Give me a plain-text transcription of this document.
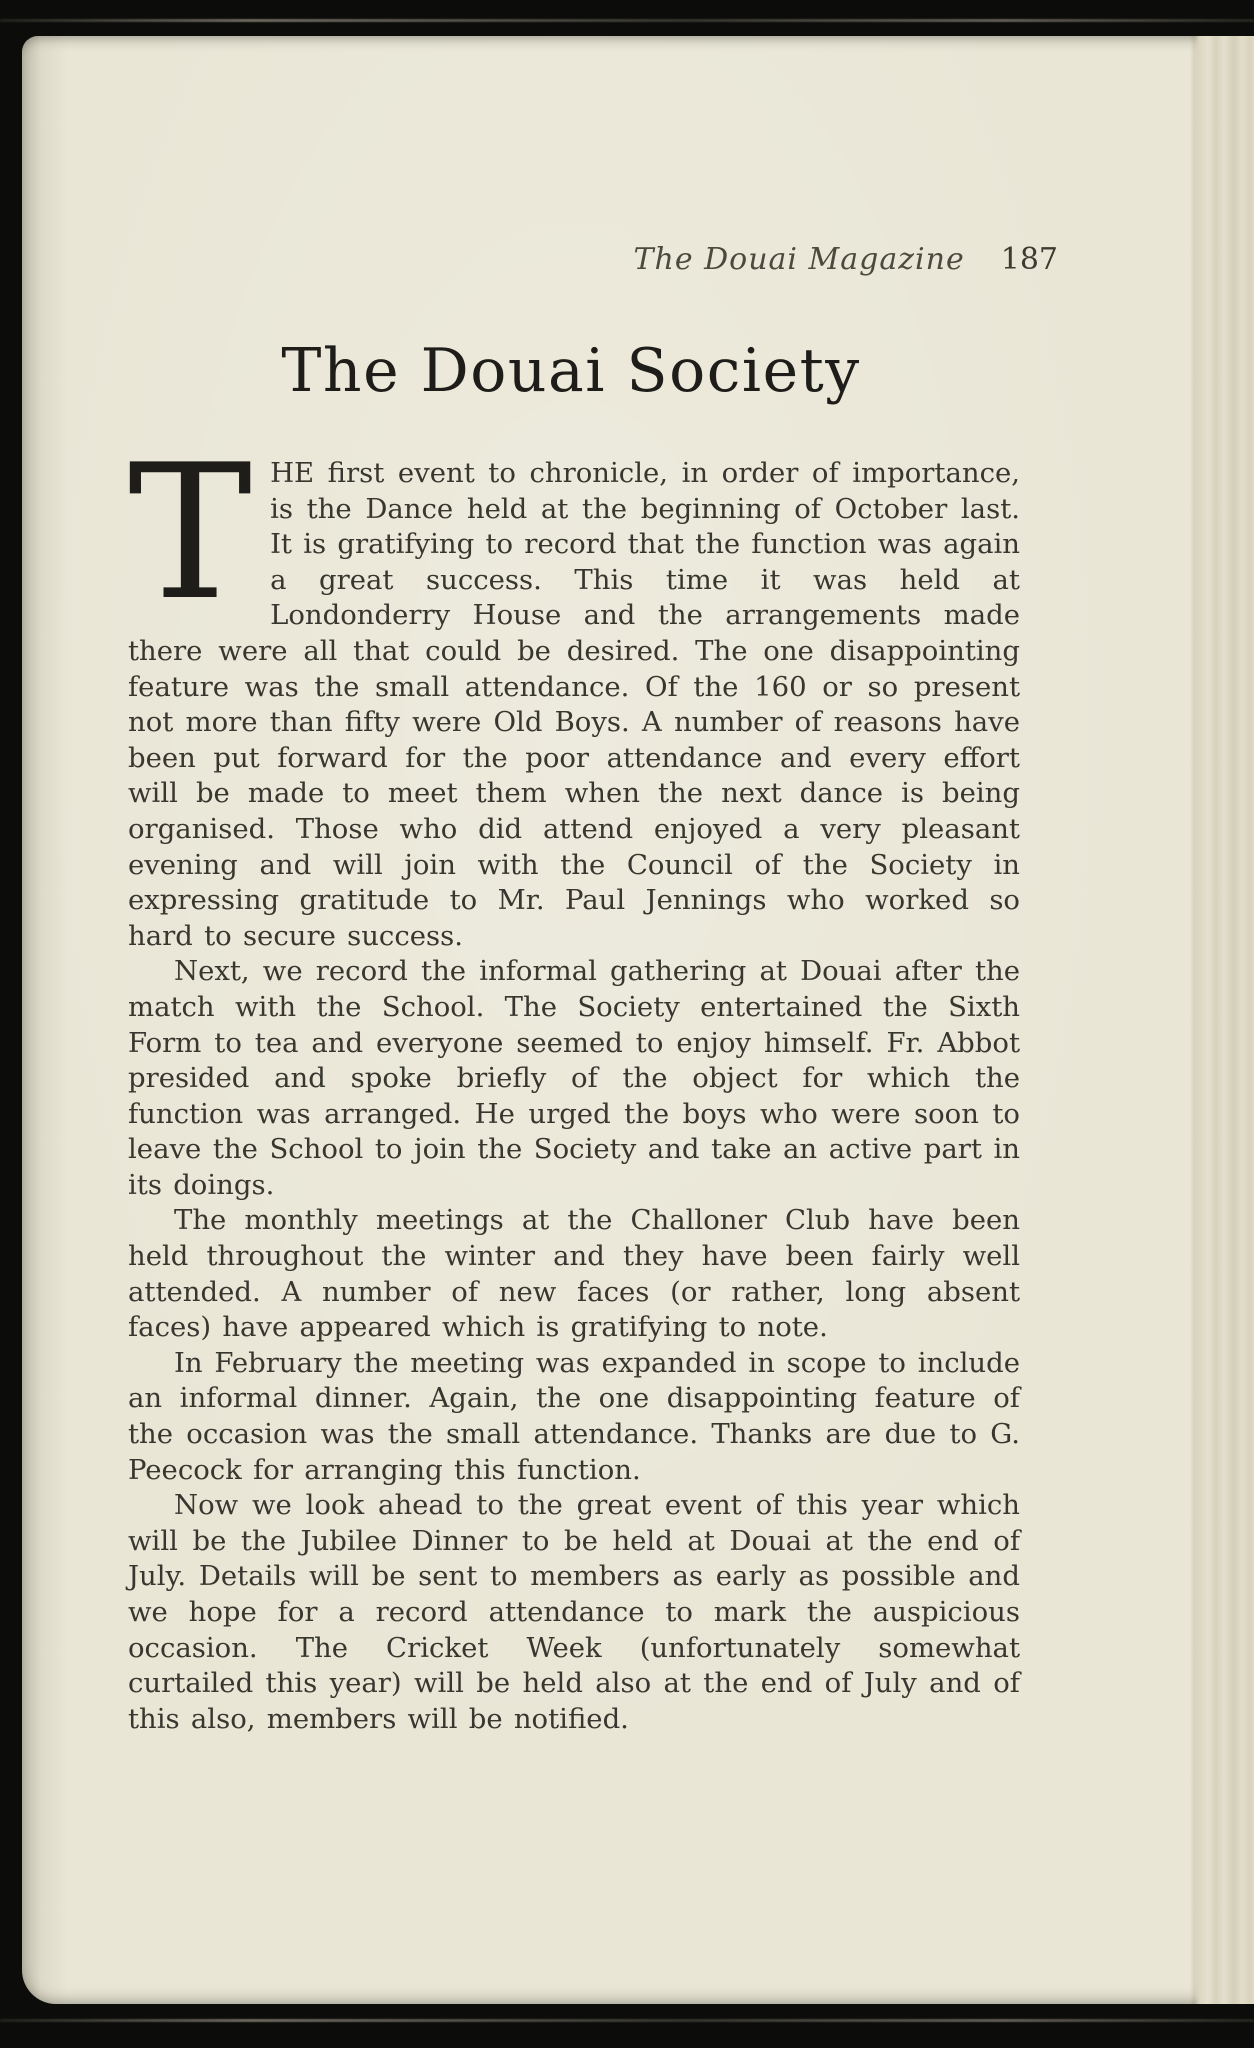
The Douai Magazine 187
The Douai Society

THE first event to chronicle, in order of importance, is the Dance held at the beginning of October last. It is gratifying to record that the function was again a great success. This time it was held at Londonderry House and the arrangements made there were all that could be desired. The one disappointing feature was the small attendance. Of the 160 or so present not more than fifty were Old Boys. A number of reasons have been put forward for the poor attendance and every effort will be made to meet them when the next dance is being organised. Those who did attend enjoyed a very pleasant evening and will join with the Council of the Society in expressing gratitude to Mr. Paul Jennings who worked so hard to secure success.

Next, we record the informal gathering at Douai after the match with the School. The Society entertained the Sixth Form to tea and everyone seemed to enjoy himself. Fr. Abbot presided and spoke briefly of the object for which the function was arranged. He urged the boys who were soon to leave the School to join the Society and take an active part in its doings.

The monthly meetings at the Challoner Club have been held throughout the winter and they have been fairly well attended. A number of new faces (or rather, long absent faces) have appeared which is gratifying to note.

In February the meeting was expanded in scope to include an informal dinner. Again, the one disappointing feature of the occasion was the small attendance. Thanks are due to G. Peecock for arranging this function.

Now we look ahead to the great event of this year which will be the Jubilee Dinner to be held at Douai at the end of July. Details will be sent to members as early as possible and we hope for a record attendance to mark the auspicious occasion. The Cricket Week (unfortunately somewhat curtailed this year) will be held also at the end of July and of this also, members will be notified.
